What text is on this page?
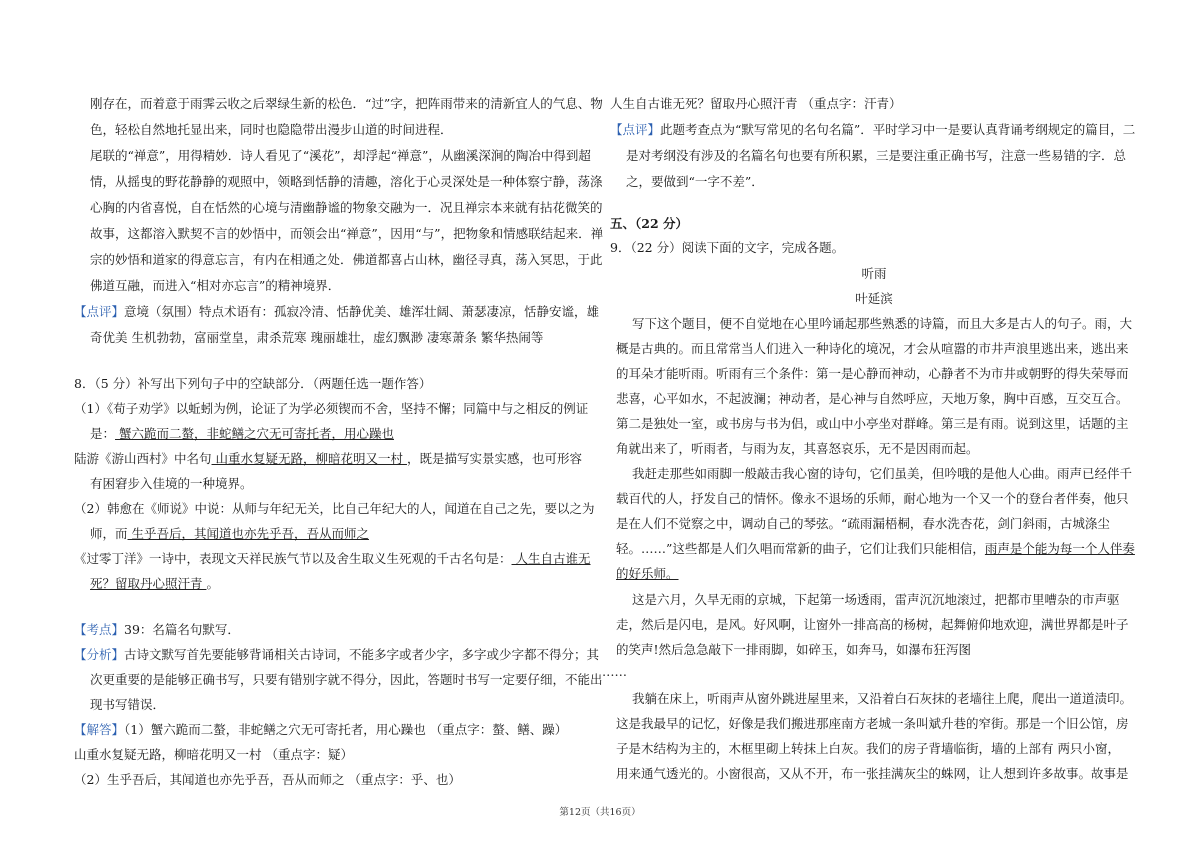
刚存在，而着意于雨霁云收之后翠绿生新的松色．“过”字，把阵雨带来的清新宜人的气息、物
色，轻松自然地托显出来，同时也隐隐带出漫步山道的时间进程．
尾联的“禅意”，用得精妙．诗人看见了“溪花”，却浮起“禅意”，从幽溪深涧的陶冶中得到超
情，从摇曳的野花静静的观照中，领略到恬静的清趣，溶化于心灵深处是一种体察宁静，荡涤
心胸的内省喜悦，自在恬然的心境与清幽静谧的物象交融为一．况且禅宗本来就有拈花微笑的
故事，这都溶入默契不言的妙悟中，而领会出“禅意”，因用“与”，把物象和情感联结起来．禅
宗的妙悟和道家的得意忘言，有内在相通之处．佛道都喜占山林，幽径寻真，荡入冥思，于此
佛道互融，而进入“相对亦忘言”的精神境界．
【点评】意境（氛围）特点术语有：孤寂冷清、恬静优美、雄浑壮阔、萧瑟凄凉，恬静安谧，雄
奇优美 生机勃勃，富丽堂皇，肃杀荒寒 瑰丽雄壮，虚幻飘渺 凄寒萧条 繁华热闹等
8．（5 分）补写出下列句子中的空缺部分．（两题任选一题作答）
（1）《荀子劝学》以蚯蚓为例，论证了为学必须锲而不舍，坚持不懈；同篇中与之相反的例证
是： 蟹六跪而二螯，非蛇鳝之穴无可寄托者，用心躁也
陆游《游山西村》中名句 山重水复疑无路，柳暗花明又一村 ，既是描写实景实感，也可形容
有困窘步入佳境的一种境界。
（2）韩愈在《师说》中说：从师与年纪无关，比自己年纪大的人，闻道在自己之先，要以之为
师，而 生乎吾后，其闻道也亦先乎吾，吾从而师之
《过零丁洋》一诗中，表现文天祥民族气节以及舍生取义生死观的千古名句是： 人生自古谁无
死？留取丹心照汗青 。
【考点】39：名篇名句默写．
【分析】古诗文默写首先要能够背诵相关古诗词，不能多字或者少字，多字或少字都不得分；其
次更重要的是能够正确书写，只要有错别字就不得分，因此，答题时书写一定要仔细，不能出
现书写错误．
【解答】（1）蟹六跪而二螯，非蛇鳝之穴无可寄托者，用心躁也 （重点字：螯、鳝、躁）
山重水复疑无路，柳暗花明又一村 （重点字：疑）
（2）生乎吾后，其闻道也亦先乎吾，吾从而师之 （重点字：乎、也）
人生自古谁无死？留取丹心照汗青 （重点字：汗青）
【点评】此题考查点为“默写常见的名句名篇”．平时学习中一是要认真背诵考纲规定的篇目，二
是对考纲没有涉及的名篇名句也要有所积累，三是要注重正确书写，注意一些易错的字．总
之，要做到“一字不差”．
五、（22 分）
9．（22 分）阅读下面的文字，完成各题。
听雨
叶延滨
写下这个题目，便不自觉地在心里吟诵起那些熟悉的诗篇，而且大多是古人的句子。雨，大
概是古典的。而且常常当人们进入一种诗化的境况，才会从喧嚣的市井声浪里逃出来，逃出来
的耳朵才能听雨。听雨有三个条件：第一是心静而神动，心静者不为市井或朝野的得失荣辱而
悲喜，心平如水，不起波澜；神动者，是心神与自然呼应，天地万象，胸中百感，互交互合。
第二是独处一室，或书房与书为侣，或山中小亭坐对群峰。第三是有雨。说到这里，话题的主
角就出来了，听雨者，与雨为友，其喜怒哀乐，无不是因雨而起。
我赶走那些如雨脚一般敲击我心窗的诗句，它们虽美，但吟哦的是他人心曲。雨声已经伴千
载百代的人，抒发自己的情怀。像永不退场的乐师，耐心地为一个又一个的登台者伴奏，他只
是在人们不觉察之中，调动自己的琴弦。“疏雨漏梧桐，春水洗杏花，剑门斜雨，古城涤尘
轻。……”这些都是人们久唱而常新的曲子，它们让我们只能相信，雨声是个能为每一个人伴奏
的好乐师。
这是六月，久旱无雨的京城，下起第一场透雨，雷声沉沉地滚过，把都市里嘈杂的市声驱
走，然后是闪电，是风。好风啊，让窗外一排高高的杨树，起舞俯仰地欢迎，满世界都是叶子
的笑声!然后急急敲下一排雨脚，如碎玉，如奔马，如瀑布狂泻图
……
我躺在床上，听雨声从窗外跳进屋里来，又沿着白石灰抹的老墙往上爬，爬出一道道渍印。
这是我最早的记忆，好像是我们搬进那座南方老城一条叫斌升巷的窄街。那是一个旧公馆，房
子是木结构为主的，木框里砌上转抹上白灰。我们的房子背墙临街，墙的上部有 两只小窗，
用来通气透光的。小窗很高，又从不开，布一张挂满灰尘的蛛网，让人想到许多故事。故事是
第12页（共16页）
